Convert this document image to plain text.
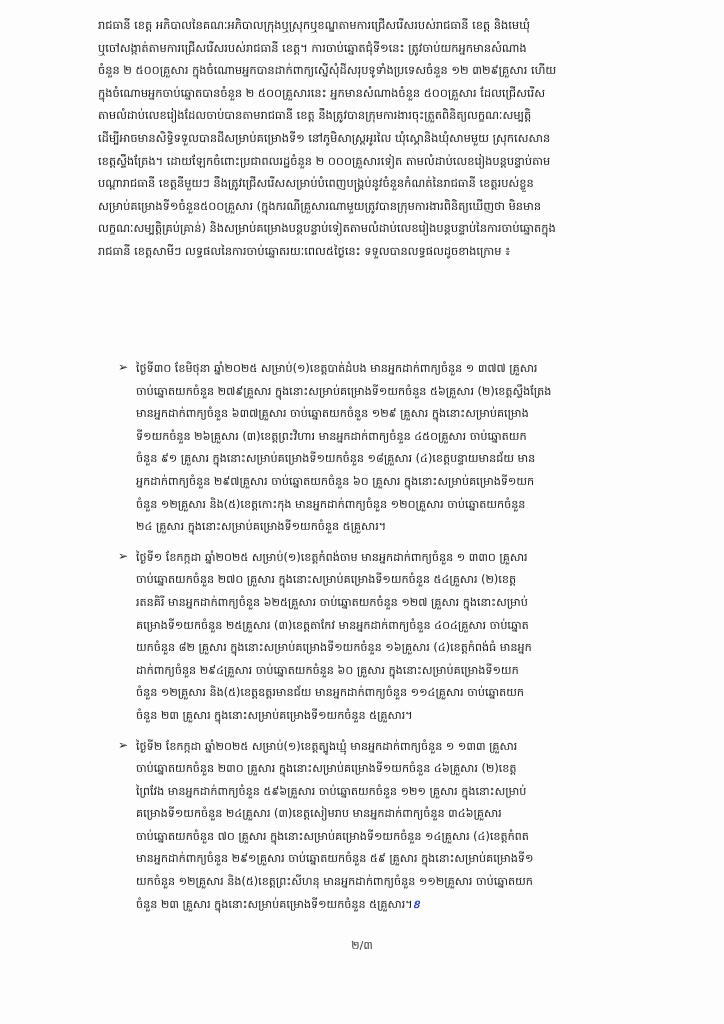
រាជធានី ខេត្ត អភិបាលនៃគណៈអភិបាលក្រុងឬស្រុកឬខណ្ឌតាមការជ្រើសរើសរបស់រាជធានី ខេត្ត និងមេឃុំ
ឬចៅសង្កាត់តាមការជ្រើសរើសរបស់រាជធានី ខេត្ត។ ការចាប់ឆ្នោតជុំទី១នេះ ត្រូវចាប់យកអ្នកមានសំណាង
ចំនួន ២ ៥០០គ្រួសារ ក្នុងចំណោមអ្នកបានដាក់ពាក្យស្នើសុំដីសរុបទូទាំងប្រទេសចំនួន ១២ ៣២៩គ្រួសារ ហើយ
ក្នុងចំណោមអ្នកចាប់ឆ្នោតបានចំនួន ២ ៥០០គ្រួសារនេះ អ្នកមានសំណាងចំនួន ៥០០គ្រួសារ ដែលជ្រើសរើស
តាមលំដាប់លេខរៀងដែលចាប់បានតាមរាជធានី ខេត្ត នឹងត្រូវបានក្រុមការងារចុះត្រួតពិនិត្យលក្ខណៈសម្បត្តិ
ដើម្បីអាចមានសិទ្ធិទទួលបានដីសម្រាប់គម្រោងទី១ នៅភូមិសាស្ត្រអូរលៃ ឃុំស្គោនិងឃុំសាមមួយ ស្រុកសេសាន
ខេត្តស្ទឹងត្រែង។ ដោយឡែកចំពោះប្រជាពលរដ្ឋចំនួន ២ ០០០គ្រួសារទៀត តាមលំដាប់លេខរៀងបន្តបន្ទាប់តាម
បណ្តារាជធានី ខេត្តនីមួយៗ នឹងត្រូវជ្រើសរើសសម្រាប់បំពេញបង្គ្រប់នូវចំនួនកំណត់នៃរាជធានី ខេត្តរបស់ខ្លួន
សម្រាប់គម្រោងទី១ចំនួន៥០០គ្រួសារ (ក្នុងករណីគ្រួសារណាមួយត្រូវបានក្រុមការងារពិនិត្យឃើញថា មិនមាន
លក្ខណៈសម្បត្តិគ្រប់គ្រាន់) និងសម្រាប់គម្រោងបន្តបន្ទាប់ទៀតតាមលំដាប់លេខរៀងបន្តបន្ទាប់នៃការចាប់ឆ្នោតក្នុង
រាជធានី ខេត្តសាមីៗ លទ្ធផលនៃការចាប់ឆ្នោតរយៈពេល៥ថ្ងៃនេះ ទទួលបានលទ្ធផលដូចខាងក្រោម ៖
➢ ថ្ងៃទី៣០ ខែមិថុនា ឆ្នាំ២០២៥ សម្រាប់(១)ខេត្តបាត់ដំបង មានអ្នកដាក់ពាក្យចំនួន ១ ៣៧៧ គ្រួសារ
ចាប់ឆ្នោតយកចំនួន ២៧៩គ្រួសារ ក្នុងនោះសម្រាប់គម្រោងទី១យកចំនួន ៥៦គ្រួសារ (២)ខេត្តស្ទឹងត្រែង
មានអ្នកដាក់ពាក្យចំនួន ៦៣៧គ្រួសារ ចាប់ឆ្នោតយកចំនួន ១២៩ គ្រួសារ ក្នុងនោះសម្រាប់គម្រោង
ទី១យកចំនួន ២៦គ្រួសារ (៣)ខេត្តព្រះវិហារ មានអ្នកដាក់ពាក្យចំនួន ៤៥០គ្រួសារ ចាប់ឆ្នោតយក
ចំនួន ៩១ គ្រួសារ ក្នុងនោះសម្រាប់គម្រោងទី១យកចំនួន ១៨គ្រួសារ (៤)ខេត្តបន្ទាយមានជ័យ មាន
អ្នកដាក់ពាក្យចំនួន ២៩៧គ្រួសារ ចាប់ឆ្នោតយកចំនួន ៦០ គ្រួសារ ក្នុងនោះសម្រាប់គម្រោងទី១យក
ចំនួន ១២គ្រួសារ និង(៥)ខេត្តកោះកុង មានអ្នកដាក់ពាក្យចំនួន ១២០គ្រួសារ ចាប់ឆ្នោតយកចំនួន
២៤ គ្រួសារ ក្នុងនោះសម្រាប់គម្រោងទី១យកចំនួន ៥គ្រួសារ។
➢ ថ្ងៃទី១ ខែកក្កដា ឆ្នាំ២០២៥ សម្រាប់(១)ខេត្តកំពង់ចាម មានអ្នកដាក់ពាក្យចំនួន ១ ៣៣០ គ្រួសារ
ចាប់ឆ្នោតយកចំនួន ២៧០ គ្រួសារ ក្នុងនោះសម្រាប់គម្រោងទី១យកចំនួន ៥៤គ្រួសារ (២)ខេត្ត
រតនគិរី មានអ្នកដាក់ពាក្យចំនួន ៦២៥គ្រួសារ ចាប់ឆ្នោតយកចំនួន ១២៧ គ្រួសារ ក្នុងនោះសម្រាប់
គម្រោងទី១យកចំនួន ២៥គ្រួសារ (៣)ខេត្តតាកែវ មានអ្នកដាក់ពាក្យចំនួន ៤០៤គ្រួសារ ចាប់ឆ្នោត
យកចំនួន ៨២ គ្រួសារ ក្នុងនោះសម្រាប់គម្រោងទី១យកចំនួន ១៦គ្រួសារ (៤)ខេត្តកំពង់ធំ មានអ្នក
ដាក់ពាក្យចំនួន ២៩៤គ្រួសារ ចាប់ឆ្នោតយកចំនួន ៦០ គ្រួសារ ក្នុងនោះសម្រាប់គម្រោងទី១យក
ចំនួន ១២គ្រួសារ និង(៥)ខេត្តឧត្តរមានជ័យ មានអ្នកដាក់ពាក្យចំនួន ១១៤គ្រួសារ ចាប់ឆ្នោតយក
ចំនួន ២៣ គ្រួសារ ក្នុងនោះសម្រាប់គម្រោងទី១យកចំនួន ៥គ្រួសារ។
➢ ថ្ងៃទី២ ខែកក្កដា ឆ្នាំ២០២៥ សម្រាប់(១)ខេត្តត្បូងឃ្មុំ មានអ្នកដាក់ពាក្យចំនួន ១ ១៣៣ គ្រួសារ
ចាប់ឆ្នោតយកចំនួន ២៣០ គ្រួសារ ក្នុងនោះសម្រាប់គម្រោងទី១យកចំនួន ៤៦គ្រួសារ (២)ខេត្ត
ព្រៃវែង មានអ្នកដាក់ពាក្យចំនួន ៥៩៦គ្រួសារ ចាប់ឆ្នោតយកចំនួន ១២១ គ្រួសារ ក្នុងនោះសម្រាប់
គម្រោងទី១យកចំនួន ២៤គ្រួសារ (៣)ខេត្តសៀមរាប មានអ្នកដាក់ពាក្យចំនួន ៣៤៦គ្រួសារ
ចាប់ឆ្នោតយកចំនួន ៧០ គ្រួសារ ក្នុងនោះសម្រាប់គម្រោងទី១យកចំនួន ១៤គ្រួសារ (៤)ខេត្តកំពត
មានអ្នកដាក់ពាក្យចំនួន ២៩១គ្រួសារ ចាប់ឆ្នោតយកចំនួន ៥៩ គ្រួសារ ក្នុងនោះសម្រាប់គម្រោងទី១
យកចំនួន ១២គ្រួសារ និង(៥)ខេត្តព្រះសីហនុ មានអ្នកដាក់ពាក្យចំនួន ១១២គ្រួសារ ចាប់ឆ្នោតយក
ចំនួន ២៣ គ្រួសារ ក្នុងនោះសម្រាប់គម្រោងទី១យកចំនួន ៥គ្រួសារ។ខ
២/៣
